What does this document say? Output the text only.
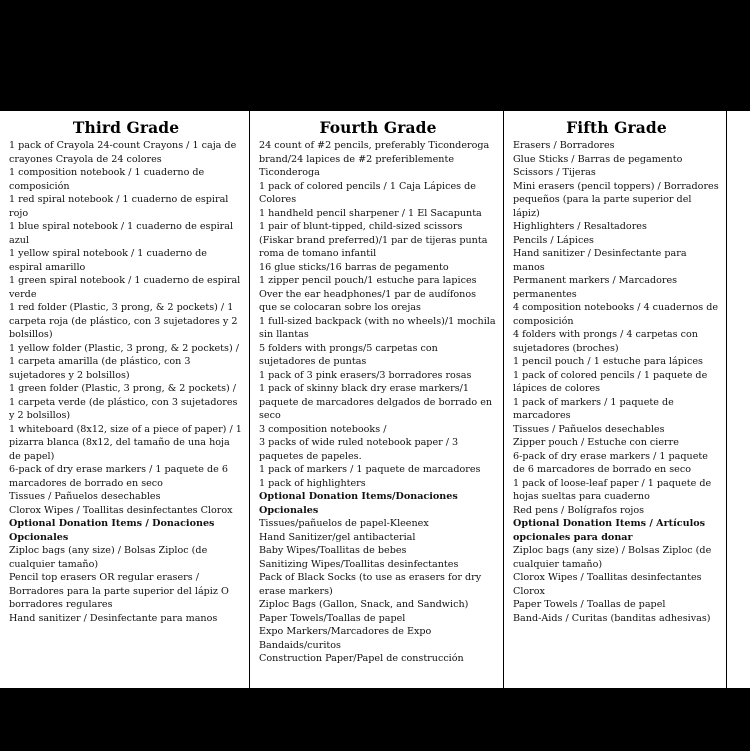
Third Grade
1 pack of Crayola 24-count Crayons / 1 caja de crayones Crayola de 24 colores
1 composition notebook / 1 cuaderno de composición
1 red spiral notebook / 1 cuaderno de espiral rojo
1 blue spiral notebook / 1 cuaderno de espiral azul
1 yellow spiral notebook / 1 cuaderno de espiral amarillo
1 green spiral notebook / 1 cuaderno de espiral verde
1 red folder (Plastic, 3 prong, & 2 pockets) / 1 carpeta roja (de plástico, con 3 sujetadores y 2 bolsillos)
1 yellow folder (Plastic, 3 prong, & 2 pockets) / 1 carpeta amarilla (de plástico, con 3 sujetadores y 2 bolsillos)
1 green folder (Plastic, 3 prong, & 2 pockets) / 1 carpeta verde (de plástico, con 3 sujetadores y 2 bolsillos)
1 whiteboard (8x12, size of a piece of paper) / 1 pizarra blanca (8x12, del tamaño de una hoja de papel)
6-pack of dry erase markers / 1 paquete de 6 marcadores de borrado en seco
Tissues / Pañuelos desechables
Clorox Wipes / Toallitas desinfectantes Clorox
Optional Donation Items / Donaciones Opcionales
Ziploc bags (any size) / Bolsas Ziploc (de cualquier tamaño)
Pencil top erasers OR regular erasers / Borradores para la parte superior del lápiz O borradores regulares
Hand sanitizer / Desinfectante para manos
Fourth Grade
24 count of #2 pencils, preferably Ticonderoga brand/24 lapices de #2 preferiblemente Ticonderoga
1 pack of colored pencils / 1 Caja Lápices de Colores
1 handheld pencil sharpener / 1 El Sacapunta
1 pair of blunt-tipped, child-sized scissors (Fiskar brand preferred)/1 par de tijeras punta roma de tomano infantil
16 glue sticks/16 barras de pegamento
1 zipper pencil pouch/1 estuche para lapices
Over the ear headphones/1 par de audífonos que se colocaran sobre los orejas
1 full-sized backpack (with no wheels)/1 mochila sin llantas
5 folders with prongs/5 carpetas con sujetadores de puntas
1 pack of 3 pink erasers/3 borradores rosas
1 pack of skinny black dry erase markers/1 paquete de marcadores delgados de borrado en seco
3 composition notebooks /
3 packs of wide ruled notebook paper / 3 paquetes de papeles.
1 pack of markers / 1 paquete de marcadores
1 pack of highlighters
Optional Donation Items/Donaciones Opcionales
Tissues/pañuelos de papel-Kleenex
Hand Sanitizer/gel antibacterial
Baby Wipes/Toallitas de bebes
Sanitizing Wipes/Toallitas desinfectantes
Pack of Black Socks (to use as erasers for dry erase markers)
Ziploc Bags (Gallon, Snack, and Sandwich)
Paper Towels/Toallas de papel
Expo Markers/Marcadores de Expo
Bandaids/curitos
Construction Paper/Papel de construcción
Fifth Grade
Erasers / Borradores
Glue Sticks / Barras de pegamento
Scissors / Tijeras
Mini erasers (pencil toppers) / Borradores pequeños (para la parte superior del lápiz)
Highlighters / Resaltadores
Pencils / Lápices
Hand sanitizer / Desinfectante para manos
Permanent markers / Marcadores permanentes
4 composition notebooks / 4 cuadernos de composición
4 folders with prongs / 4 carpetas con sujetadores (broches)
1 pencil pouch / 1 estuche para lápices
1 pack of colored pencils / 1 paquete de lápices de colores
1 pack of markers / 1 paquete de marcadores
Tissues / Pañuelos desechables
Zipper pouch / Estuche con cierre
6-pack of dry erase markers / 1 paquete de 6 marcadores de borrado en seco
1 pack of loose-leaf paper / 1 paquete de hojas sueltas para cuaderno
Red pens / Bolígrafos rojos
Optional Donation Items / Artículos opcionales para donar
Ziploc bags (any size) / Bolsas Ziploc (de cualquier tamaño)
Clorox Wipes / Toallitas desinfectantes Clorox
Paper Towels / Toallas de papel
Band-Aids / Curitas (banditas adhesivas)
